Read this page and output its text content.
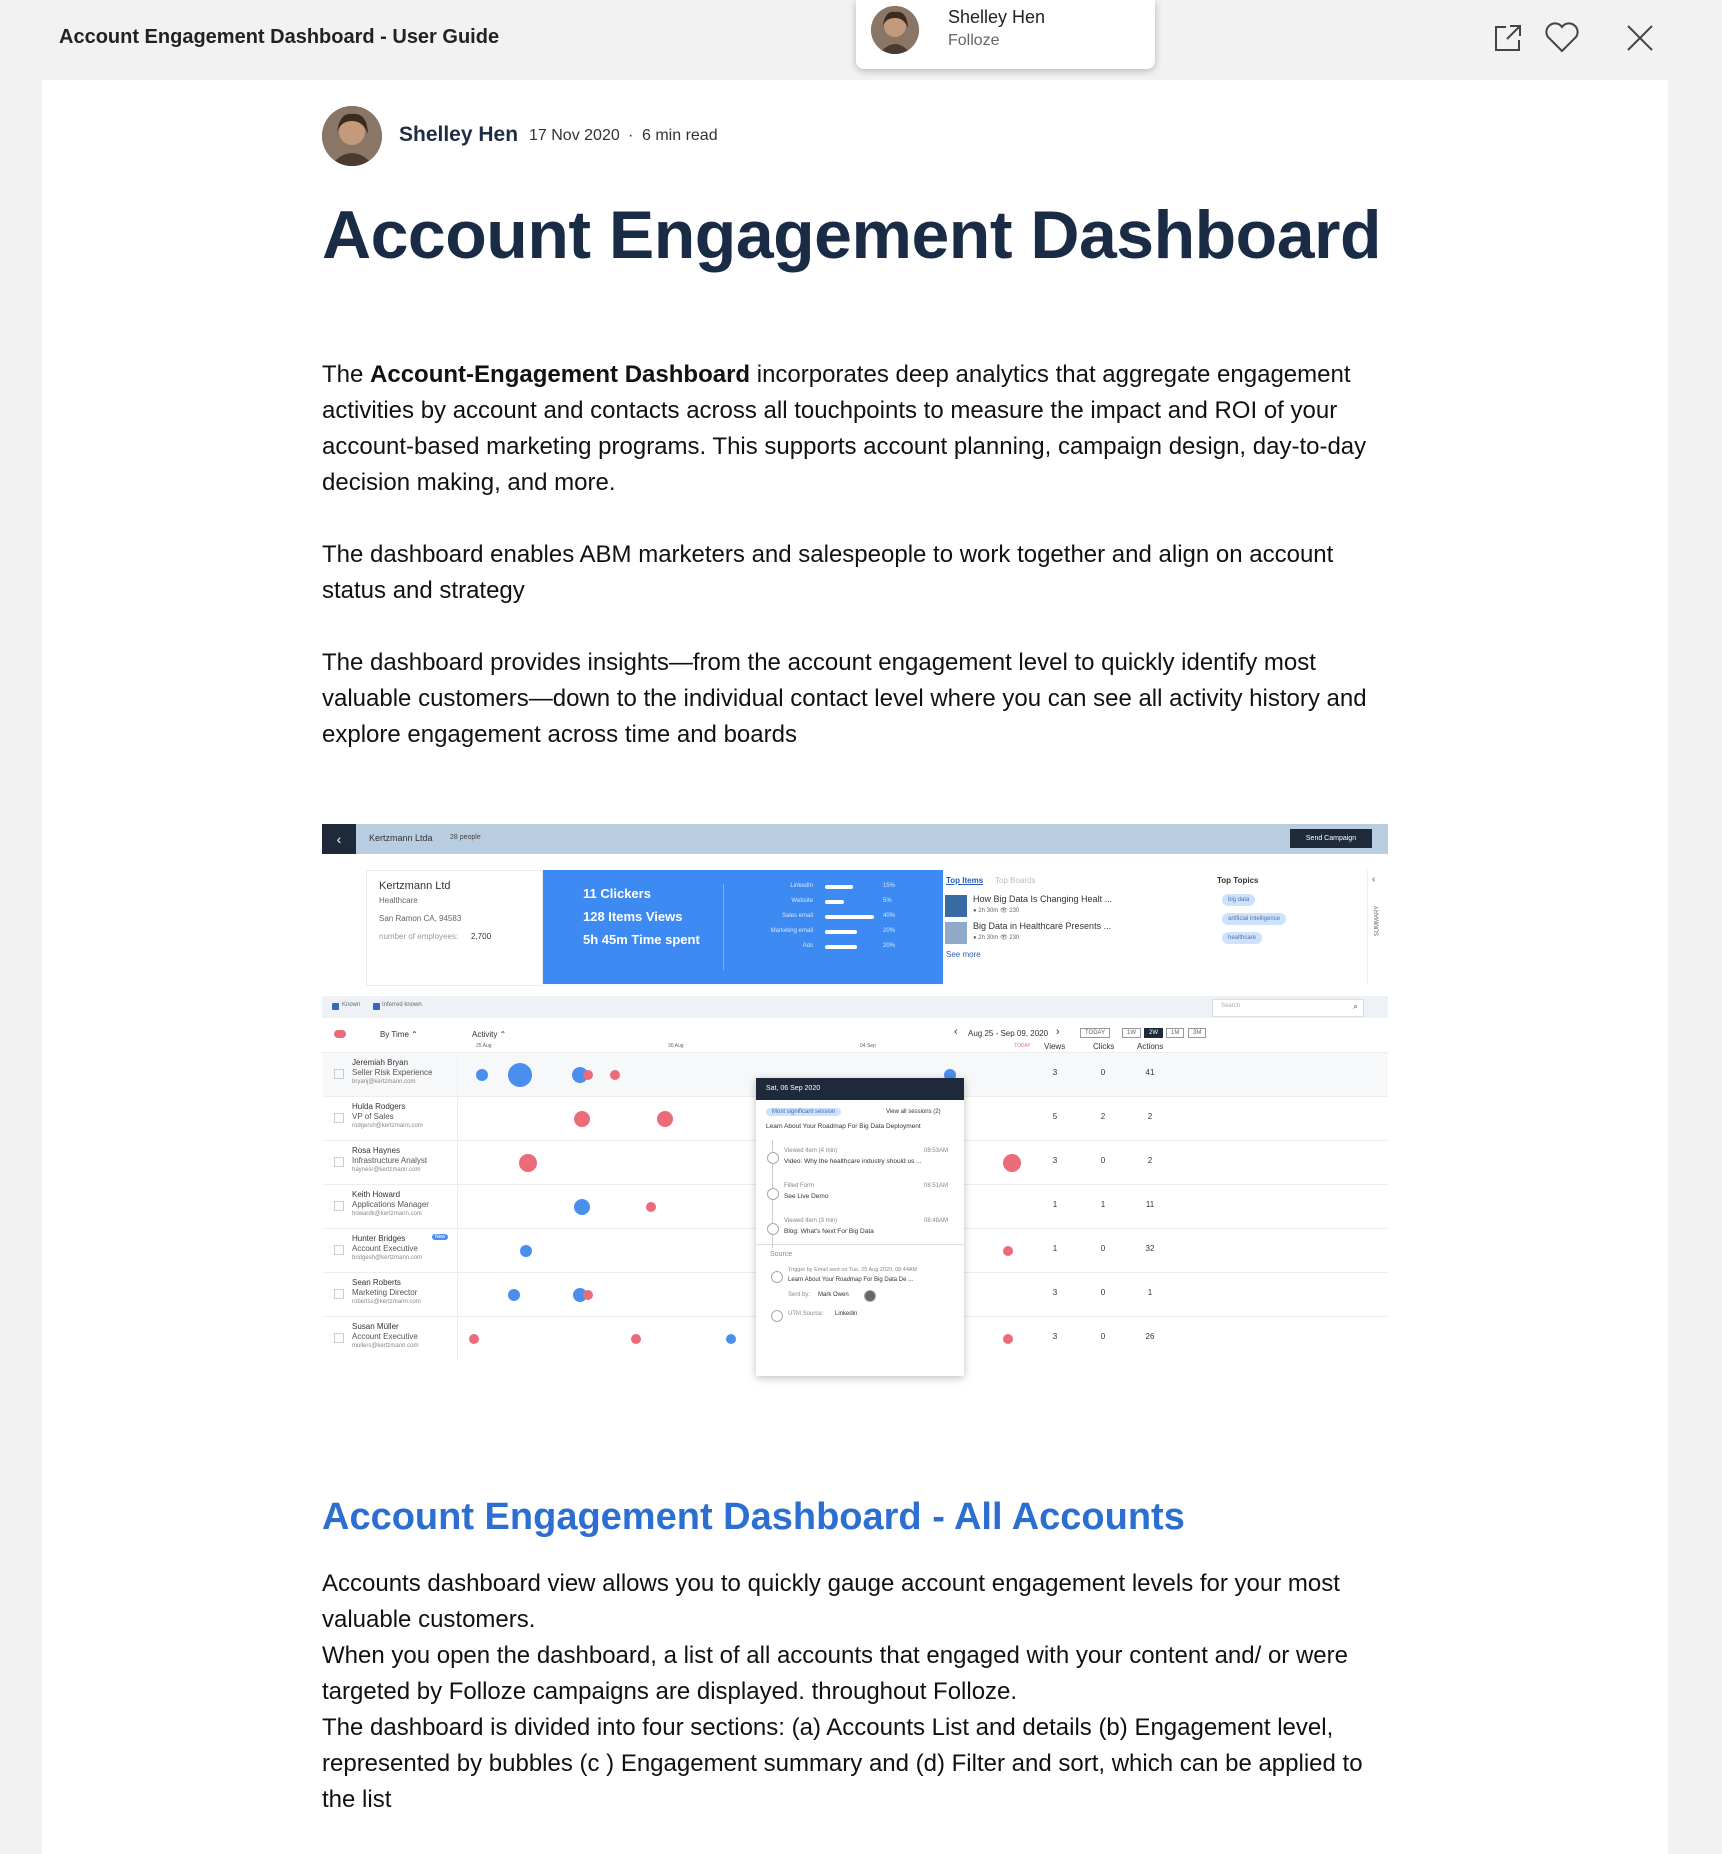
Account Engagement Dashboard - User Guide
Shelley Hen
Folloze
Shelley Hen 17 Nov 2020 · 6 min read
Account Engagement Dashboard

The Account-Engagement Dashboard incorporates deep analytics that aggregate engagement activities by account and contacts across all touchpoints to measure the impact and ROI of your account-based marketing programs. This supports account planning, campaign design, day-to-day decision making, and more.

The dashboard enables ABM marketers and salespeople to work together and align on account status and strategy

The dashboard provides insights—from the account engagement level to quickly identify most valuable customers—down to the individual contact level where you can see all activity history and explore engagement across time and boards

‹	Kertzmann Ltda 28 people	Send Campaign
Kertzmann Ltd
Healthcare
San Ramon CA, 94583
number of employees: 2,700
11 Clickers
128 Items Views
5h 45m Time spent
LinkedIn	15%
Website	5%
Sales email	40%
Marketing email	20%
Ads	20%
Top Items Top Boards
How Big Data Is Changing Healt ...
● 2h 30m 👁 230
Big Data in Healthcare Presents ...
● 2h 30m 👁 230
See more
Top Topics
big data
artificial intelligence
healthcare
‹
SUMMARY
Known	Inferred known	Search	⌕
By Time ⌃	Activity ⌃
25 Aug	30 Aug	04 Sep	TODAY
‹ Aug 25 - Sep 09, 2020 ›	TODAY	1W	2W	1M	3M
Views	Clicks	Actions
Jeremiah Bryan
Seller Risk Experience
bryanj@kertzmann.com
3	0	41
Hulda Rodgers
VP of Sales
rodgersh@kertzmann.com
5	2	2
Rosa Haynes
Infrastructure Analyst
haynesr@kertzmann.com
3	0	2
Keith Howard
Applications Manager
howardk@kertzmann.com
1	1	11
Hunter Bridges
Account Executive
bridgesh@kertzmann.com
1	0	32
New
Sean Roberts
Marketing Director
robertss@kertzmann.com
3	0	1
Susan Müller
Account Executive
mullers@kertzmann.com
3	0	26
Sat, 06 Sep 2020
Most significant session	View all sessions (2)
Learn About Your Roadmap For Big Data Deployment
Viewed Item (4 min)	08:53AM
Video: Why the healthcare industry should us ...
Filled Form	08:51AM
See Live Demo
Viewed Item (3 min)	08:48AM
Blog: What's Next For Big Data
Source
Trigger by Email sent on Tue, 25 Aug 2020, 08:44AM
Learn About Your Roadmap For Big Data De ...
Sent by: Mark Owen
UTM Source: Linkedin
Account Engagement Dashboard - All Accounts

Accounts dashboard view allows you to quickly gauge account engagement levels for your most valuable customers.

When you open the dashboard, a list of all accounts that engaged with your content and/ or were targeted by Folloze campaigns are displayed. throughout Folloze.

The dashboard is divided into four sections: (a) Accounts List and details (b) Engagement level, represented by bubbles (c ) Engagement summary and (d) Filter and sort, which can be applied to the list
